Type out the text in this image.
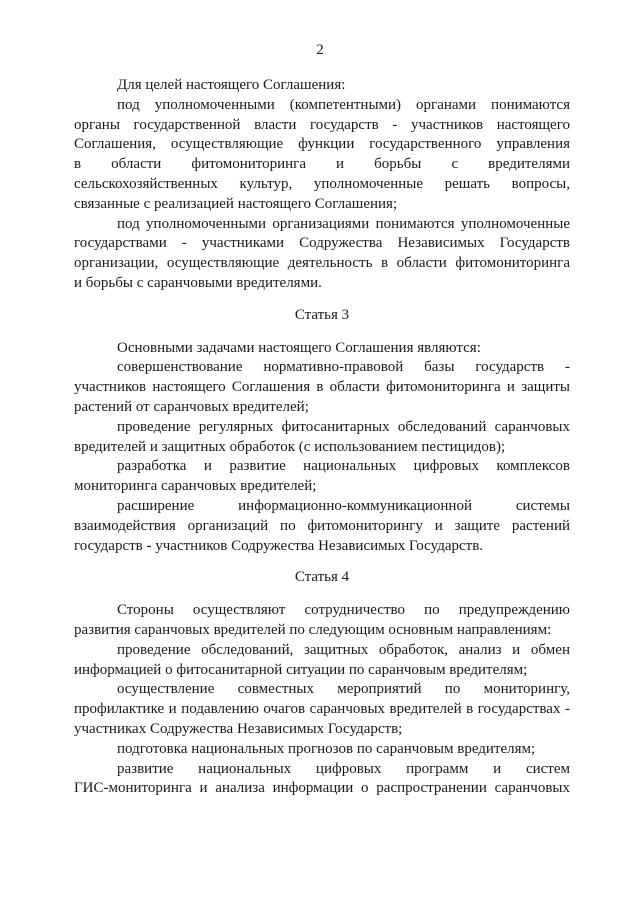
2
Для целей настоящего Соглашения:
под уполномоченными (компетентными) органами понимаются
органы государственной власти государств - участников настоящего
Соглашения, осуществляющие функции государственного управления
в области фитомониторинга и борьбы с вредителями
сельскохозяйственных культур, уполномоченные решать вопросы,
связанные с реализацией настоящего Соглашения;
под уполномоченными организациями понимаются уполномоченные
государствами - участниками Содружества Независимых Государств
организации, осуществляющие деятельность в области фитомониторинга
и борьбы с саранчовыми вредителями.
Статья 3
Основными задачами настоящего Соглашения являются:
совершенствование нормативно-правовой базы государств -
участников настоящего Соглашения в области фитомониторинга и защиты
растений от саранчовых вредителей;
проведение регулярных фитосанитарных обследований саранчовых
вредителей и защитных обработок (с использованием пестицидов);
разработка и развитие национальных цифровых комплексов
мониторинга саранчовых вредителей;
расширение информационно-коммуникационной системы
взаимодействия организаций по фитомониторингу и защите растений
государств - участников Содружества Независимых Государств.
Статья 4
Стороны осуществляют сотрудничество по предупреждению
развития саранчовых вредителей по следующим основным направлениям:
проведение обследований, защитных обработок, анализ и обмен
информацией о фитосанитарной ситуации по саранчовым вредителям;
осуществление совместных мероприятий по мониторингу,
профилактике и подавлению очагов саранчовых вредителей в государствах -
участниках Содружества Независимых Государств;
подготовка национальных прогнозов по саранчовым вредителям;
развитие национальных цифровых программ и систем
ГИС-мониторинга и анализа информации о распространении саранчовых
